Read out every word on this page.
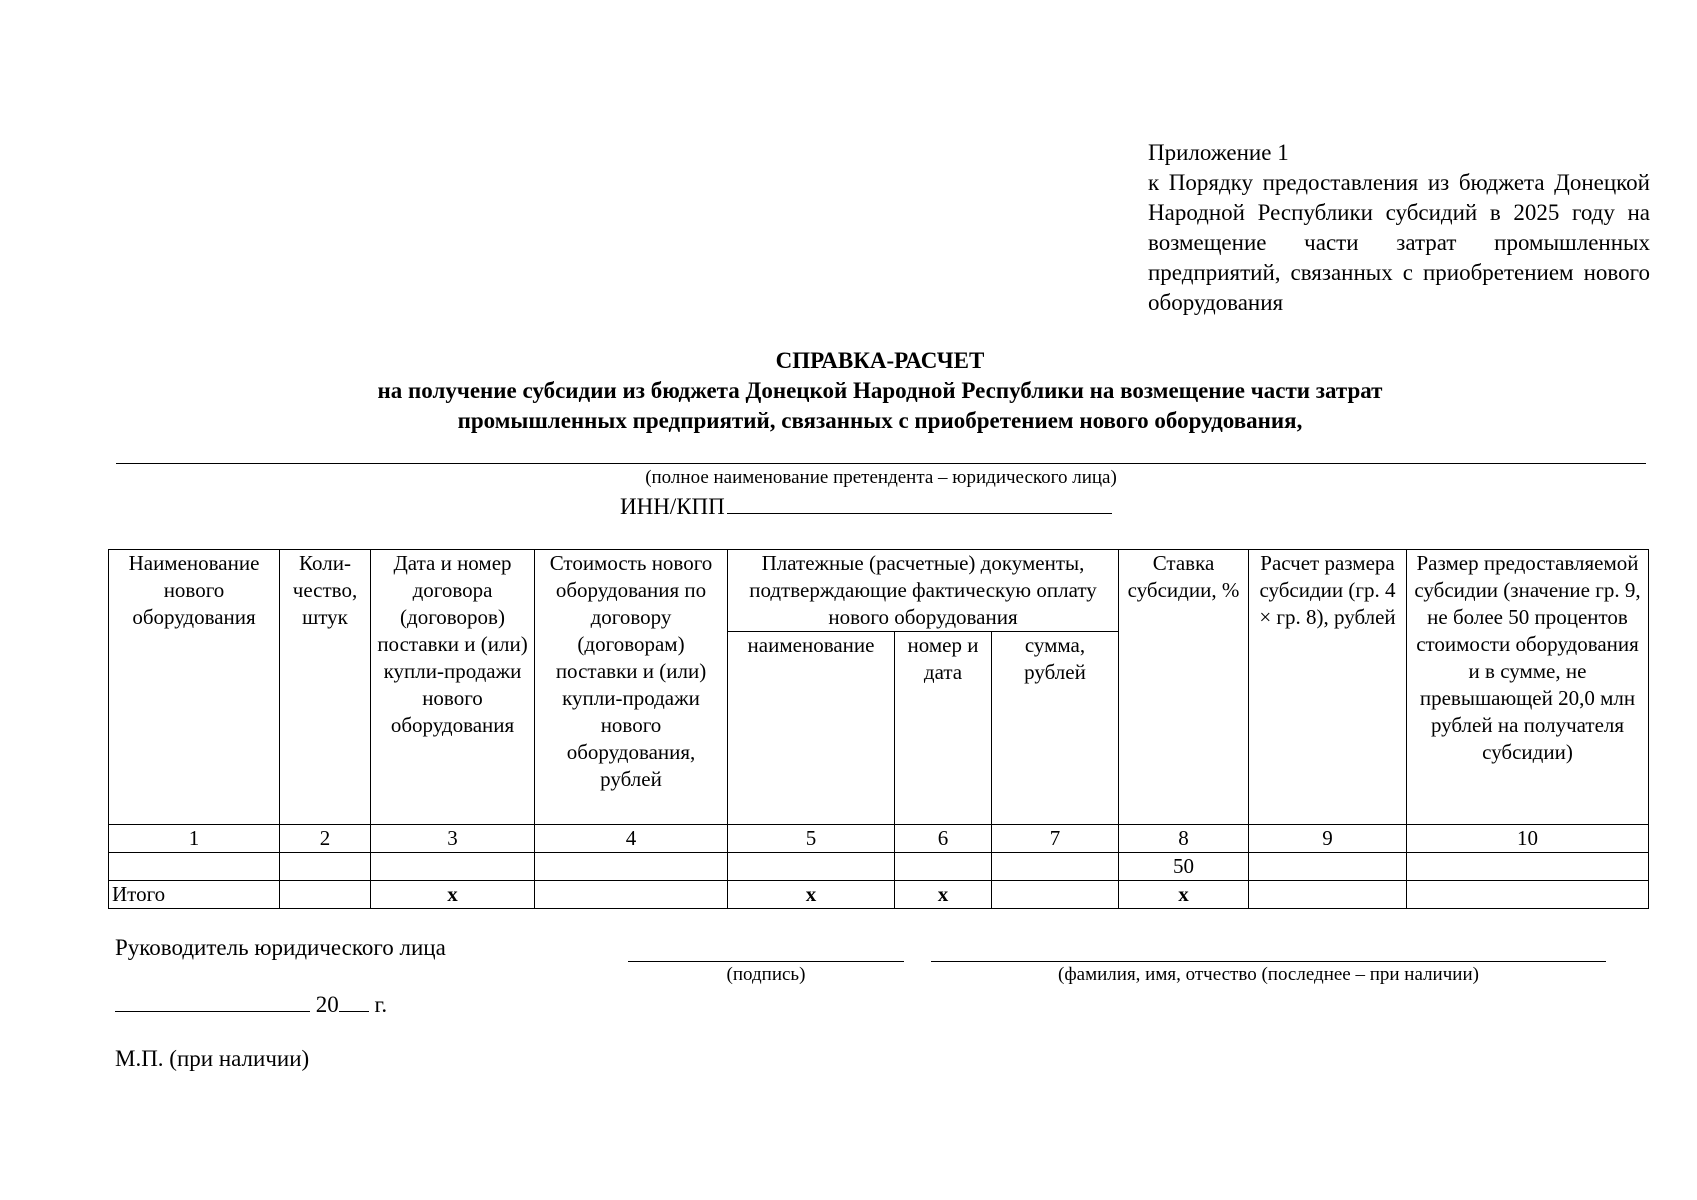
Приложение 1
к Порядку предоставления из бюджета Донецкой Народной Республики субсидий в 2025 году на возмещение части затрат промышленных предприятий, связанных с приобретением нового оборудования
СПРАВКА-РАСЧЕТ
на получение субсидии из бюджета Донецкой Народной Республики на возмещение части затрат
промышленных предприятий, связанных с приобретением нового оборудования,
(полное наименование претендента – юридического лица)
ИНН/КПП
Наименование нового оборудования	Коли-чество, штук	Дата и номер договора (договоров) поставки и (или) купли-продажи нового оборудования	Стоимость нового оборудования по договору (договорам) поставки и (или) купли-продажи нового оборудования, рублей	Платежные (расчетные) документы, подтверждающие фактическую оплату нового оборудования			Ставка субсидии, %	Расчет размера субсидии (гр. 4 × гр. 8), рублей	Размер предоставляемой субсидии (значение гр. 9, не более 50 процентов стоимости оборудования и в сумме, не превышающей 20,0 млн рублей на получателя субсидии)
				наименование	номер и дата	сумма, рублей			
1	2	3	4	5	6	7	8	9	10
							50		
Итого		x		x	x		x		
Руководитель юридического лица
(подпись)	(фамилия, имя, отчество (последнее – при наличии)
20 г.
М.П. (при наличии)
